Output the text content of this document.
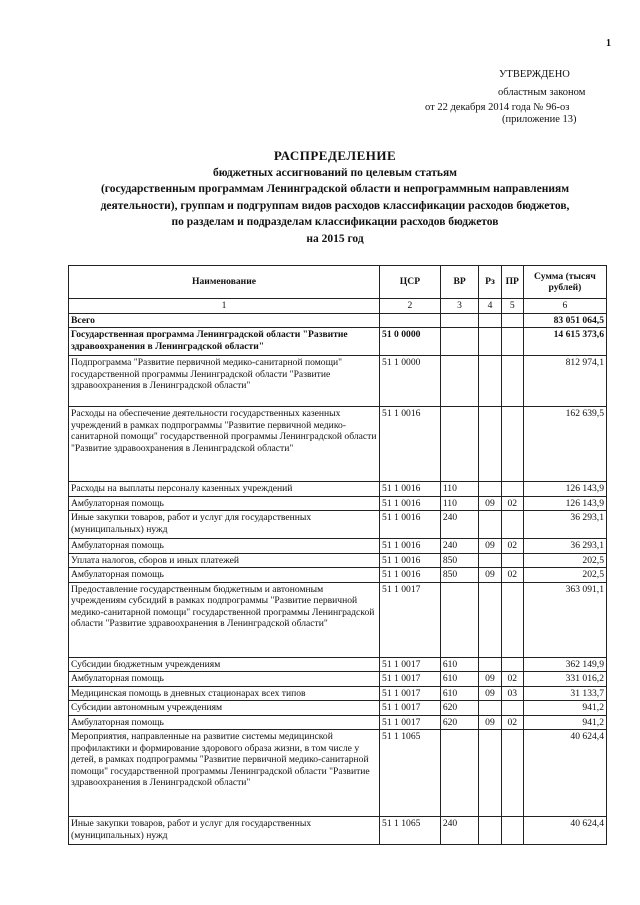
1
УТВЕРЖДЕНО
областным законом
от 22 декабря 2014 года № 96-оз
(приложение 13)
РАСПРЕДЕЛЕНИЕ
бюджетных ассигнований по целевым статьям
(государственным программам Ленинградской области и непрограммным направлениям
деятельности), группам и подгруппам видов расходов классификации расходов бюджетов,
по разделам и подразделам классификации расходов бюджетов
на 2015 год
Наименование	ЦСР	ВР	Рз	ПР	Сумма (тысяч рублей)
1	2	3	4	5	6
Всего					83 051 064,5
Государственная программа Ленинградской области "Развитие здравоохранения в Ленинградской области"	51 0 0000				14 615 373,6
Подпрограмма "Развитие первичной медико-санитарной помощи" государственной программы Ленинградской области "Развитие здравоохранения в Ленинградской области"	51 1 0000				812 974,1
Расходы на обеспечение деятельности государственных казенных учреждений в рамках подпрограммы "Развитие первичной медико-санитарной помощи" государственной программы Ленинградской области "Развитие здравоохранения в Ленинградской области"	51 1 0016				162 639,5
Расходы на выплаты персоналу казенных учреждений	51 1 0016	110			126 143,9
Амбулаторная помощь	51 1 0016	110	09	02	126 143,9
Иные закупки товаров, работ и услуг для государственных (муниципальных) нужд	51 1 0016	240			36 293,1
Амбулаторная помощь	51 1 0016	240	09	02	36 293,1
Уплата налогов, сборов и иных платежей	51 1 0016	850			202,5
Амбулаторная помощь	51 1 0016	850	09	02	202,5
Предоставление государственным бюджетным и автономным учреждениям субсидий в рамках подпрограммы "Развитие первичной медико-санитарной помощи" государственной программы Ленинградской области "Развитие здравоохранения в Ленинградской области"	51 1 0017				363 091,1
Субсидии бюджетным учреждениям	51 1 0017	610			362 149,9
Амбулаторная помощь	51 1 0017	610	09	02	331 016,2
Медицинская помощь в дневных стационарах всех типов	51 1 0017	610	09	03	31 133,7
Субсидии автономным учреждениям	51 1 0017	620			941,2
Амбулаторная помощь	51 1 0017	620	09	02	941,2
Мероприятия, направленные на развитие системы медицинской профилактики и формирование здорового образа жизни, в том числе у детей, в рамках подпрограммы "Развитие первичной медико-санитарной помощи" государственной программы Ленинградской области "Развитие здравоохранения в Ленинградской области"	51 1 1065				40 624,4
Иные закупки товаров, работ и услуг для государственных (муниципальных) нужд	51 1 1065	240			40 624,4
